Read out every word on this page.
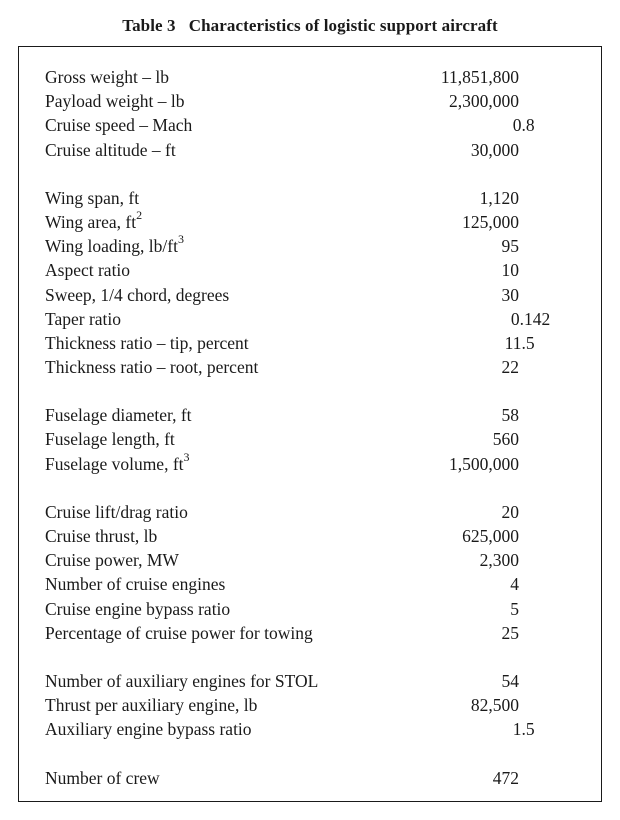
Table 3 Characteristics of logistic support aircraft
Gross weight – lb	11,851,800
Payload weight – lb	2,300,000
Cruise speed – Mach	0.8
Cruise altitude – ft	30,000
Wing span, ft	1,120
Wing area, $ft^2$	125,000
Wing loading, $lb/ft^3$	95
Aspect ratio	10
Sweep, 1/4 chord, degrees	30
Taper ratio	0.142
Thickness ratio – tip, percent	11.5
Thickness ratio – root, percent	22
Fuselage diameter, ft	58
Fuselage length, ft	560
Fuselage volume, $ft^3$	1,500,000
Cruise lift/drag ratio	20
Cruise thrust, lb	625,000
Cruise power, MW	2,300
Number of cruise engines	4
Cruise engine bypass ratio	5
Percentage of cruise power for towing	25
Number of auxiliary engines for STOL	54
Thrust per auxiliary engine, lb	82,500
Auxiliary engine bypass ratio	1.5
Number of crew	472
